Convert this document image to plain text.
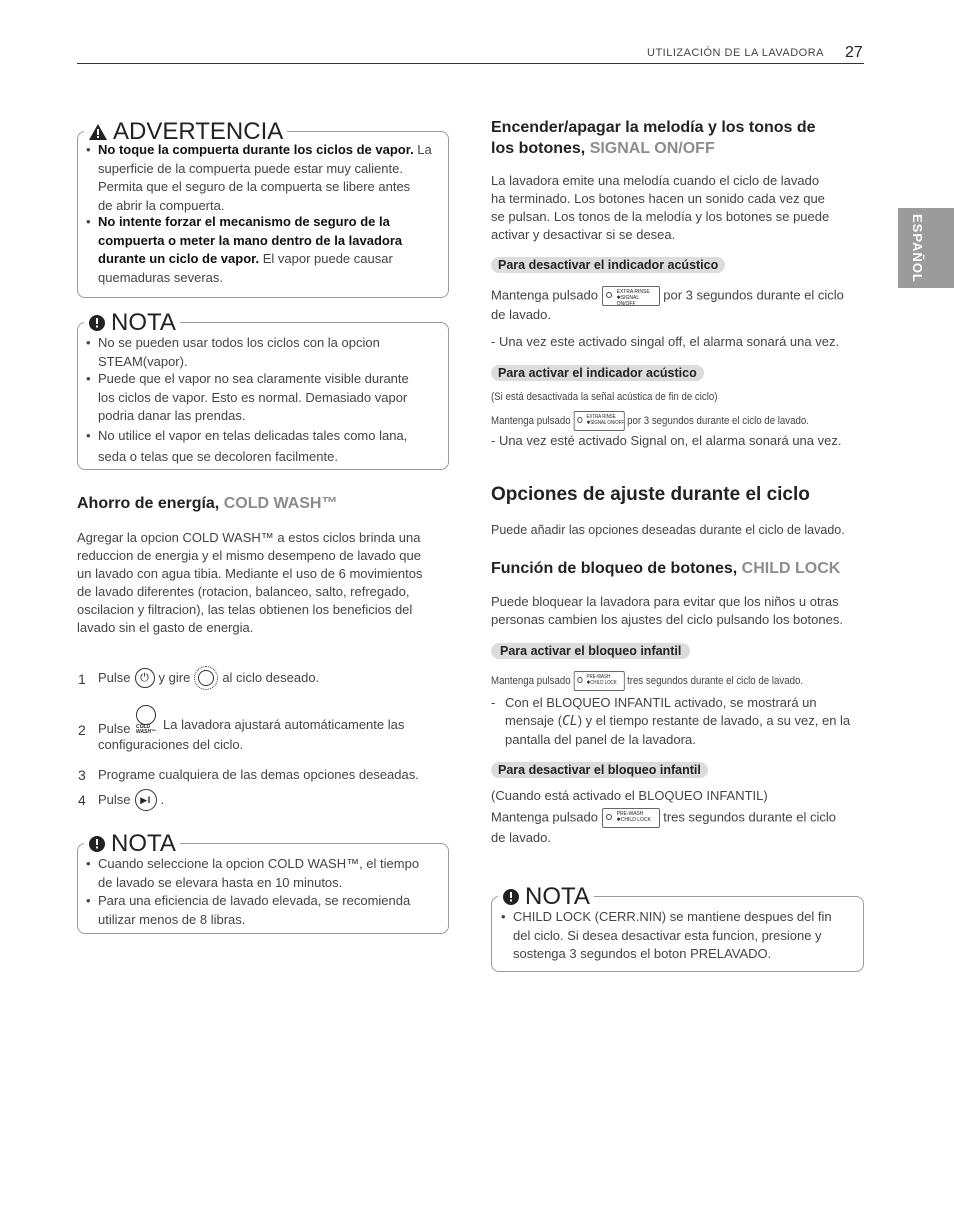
UTILIZACIÓN DE LA LAVADORA 27
ESPAÑOL
ADVERTENCIA
• No toque la compuerta durante los ciclos de vapor. La
superficie de la compuerta puede estar muy caliente.
Permita que el seguro de la compuerta se libere antes
de abrir la compuerta.
• No intente forzar el mecanismo de seguro de la
compuerta o meter la mano dentro de la lavadora
durante un ciclo de vapor. El vapor puede causar
quemaduras severas.
NOTA
• No se pueden usar todos los ciclos con la opcion
STEAM(vapor).
• Puede que el vapor no sea claramente visible durante
los ciclos de vapor. Esto es normal. Demasiado vapor
podria danar las prendas.
• No utilice el vapor en telas delicadas tales como lana,
seda o telas que se decoloren facilmente.
Ahorro de energía, COLD WASH™
Agregar la opcion COLD WASH™ a estos ciclos brinda una
reduccion de energia y el mismo desempeno de lavado que
un lavado con agua tibia. Mediante el uso de 6 movimientos
de lavado diferentes (rotacion, balanceo, salto, refregado,
oscilacion y filtracion), las telas obtienen los beneficios del
lavado sin el gasto de energia.
1 Pulse ⏻ y gire al ciclo deseado.
2 Pulse COLD WASH™ La lavadora ajustará automáticamente las
configuraciones del ciclo.
3 Programe cualquiera de las demas opciones deseadas.
4 Pulse	▶‖ .
NOTA
• Cuando seleccione la opcion COLD WASH™, el tiempo
de lavado se elevara hasta en 10 minutos.
• Para una eficiencia de lavado elevada, se recomienda
utilizar menos de 8 libras.
Encender/apagar la melodía y los tonos de
los botones, SIGNAL ON/OFF
La lavadora emite una melodía cuando el ciclo de lavado
ha terminado. Los botones hacen un sonido cada vez que
se pulsan. Los tonos de la melodía y los botones se puede
activar y desactivar si se desea.
Para desactivar el indicador acústico
Mantenga pulsado	EXTRA RINSE
✱SIGNAL ON/OFF por 3 segundos durante el ciclo
de lavado.
- Una vez este activado singal off, el alarma sonará una vez.
Para activar el indicador acústico
(Si está desactivada la señal acústica de fin de ciclo)
Mantenga pulsado	EXTRA RINSE
✱SIGNAL ON/OFF por 3 segundos durante el ciclo de lavado.
- Una vez esté activado Signal on, el alarma sonará una vez.
Opciones de ajuste durante el ciclo
Puede añadir las opciones deseadas durante el ciclo de lavado.
Función de bloqueo de botones, CHILD LOCK
Puede bloquear la lavadora para evitar que los niños u otras
personas cambien los ajustes del ciclo pulsando los botones.
Para activar el bloqueo infantil
Mantenga pulsado	PRE-WASH
✱CHILD LOCK tres segundos durante el ciclo de lavado.
- Con el BLOQUEO INFANTIL activado, se mostrará un
mensaje (CL) y el tiempo restante de lavado, a su vez, en la
pantalla del panel de la lavadora.
Para desactivar el bloqueo infantil
(Cuando está activado el BLOQUEO INFANTIL)
Mantenga pulsado	PRE-WASH
✱CHILD LOCK tres segundos durante el ciclo
de lavado.
NOTA
• CHILD LOCK (CERR.NIN) se mantiene despues del fin
del ciclo. Si desea desactivar esta funcion, presione y
sostenga 3 segundos el boton PRELAVADO.
